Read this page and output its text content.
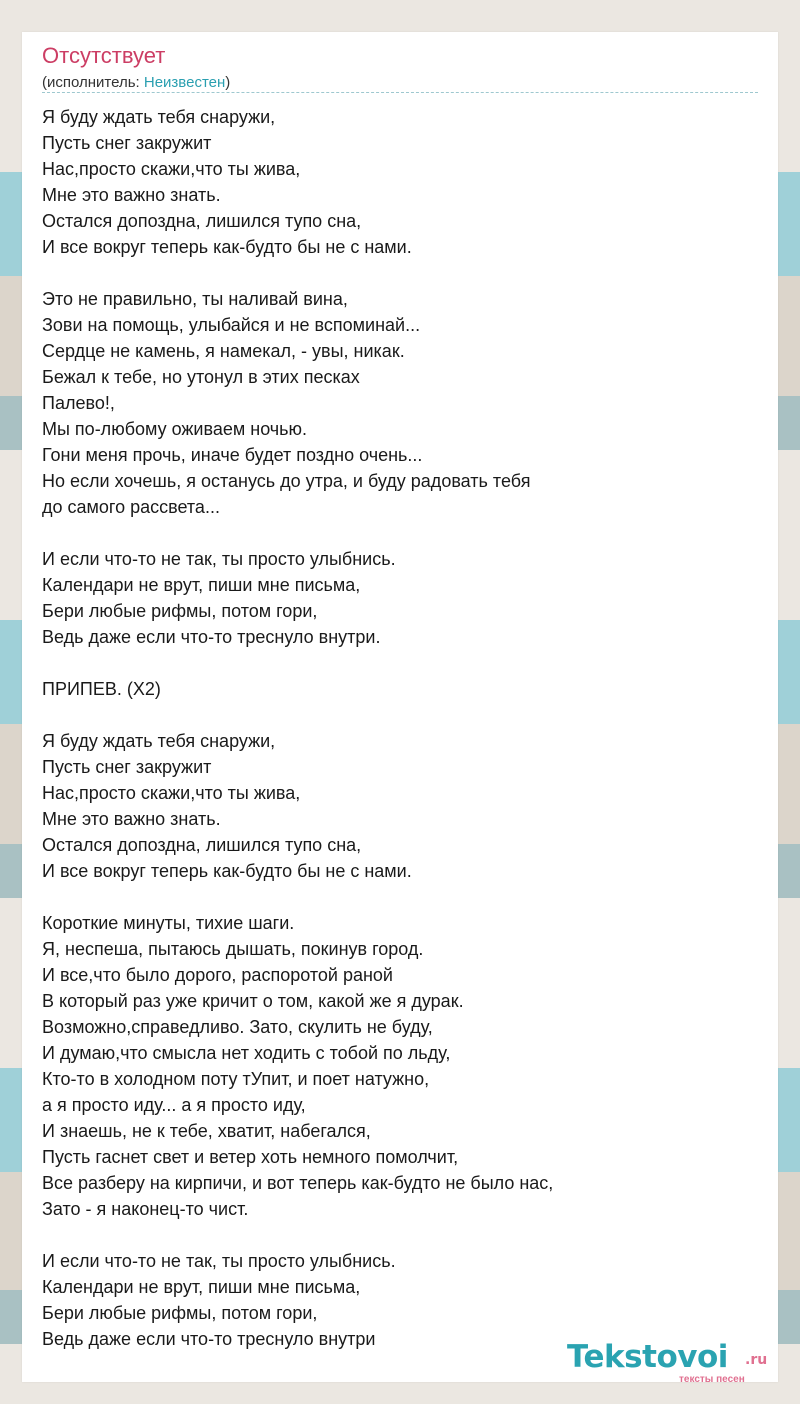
Отсутствует
(исполнитель: Неизвестен)
Я буду ждать тебя снаружи,
Пусть снег закружит
Нас,просто скажи,что ты жива,
Мне это важно знать.
Остался допоздна, лишился тупо сна,
И все вокруг теперь как-будто бы не с нами.
Это не правильно, ты наливай вина,
Зови на помощь, улыбайся и не вспоминай...
Сердце не камень, я намекал, - увы, никак.
Бежал к тебе, но утонул в этих песках
Палево!,
Мы по-любому оживаем ночью.
Гони меня прочь, иначе будет поздно очень...
Но если хочешь, я останусь до утра, и буду радовать тебя
до самого рассвета...
И если что-то не так, ты просто улыбнись.
Календари не врут, пиши мне письма,
Бери любые рифмы, потом гори,
Ведь даже если что-то треснуло внутри.
ПРИПЕВ. (Х2)
Я буду ждать тебя снаружи,
Пусть снег закружит
Нас,просто скажи,что ты жива,
Мне это важно знать.
Остался допоздна, лишился тупо сна,
И все вокруг теперь как-будто бы не с нами.
Короткие минуты, тихие шаги.
Я, неспеша, пытаюсь дышать, покинув город.
И все,что было дорого, распоротой раной
В который раз уже кричит о том, какой же я дурак.
Возможно,справедливо. Зато, скулить не буду,
И думаю,что смысла нет ходить с тобой по льду,
Кто-то в холодном поту тУпит, и поет натужно,
а я просто иду... а я просто иду,
И знаешь, не к тебе, хватит, набегался,
Пусть гаснет свет и ветер хоть немного помолчит,
Все разберу на кирпичи, и вот теперь как-будто не было нас,
Зато - я наконец-то чист.
И если что-то не так, ты просто улыбнись.
Календари не врут, пиши мне письма,
Бери любые рифмы, потом гори,
Ведь даже если что-то треснуло внутри	Tekstovoi .ru
тексты песен
